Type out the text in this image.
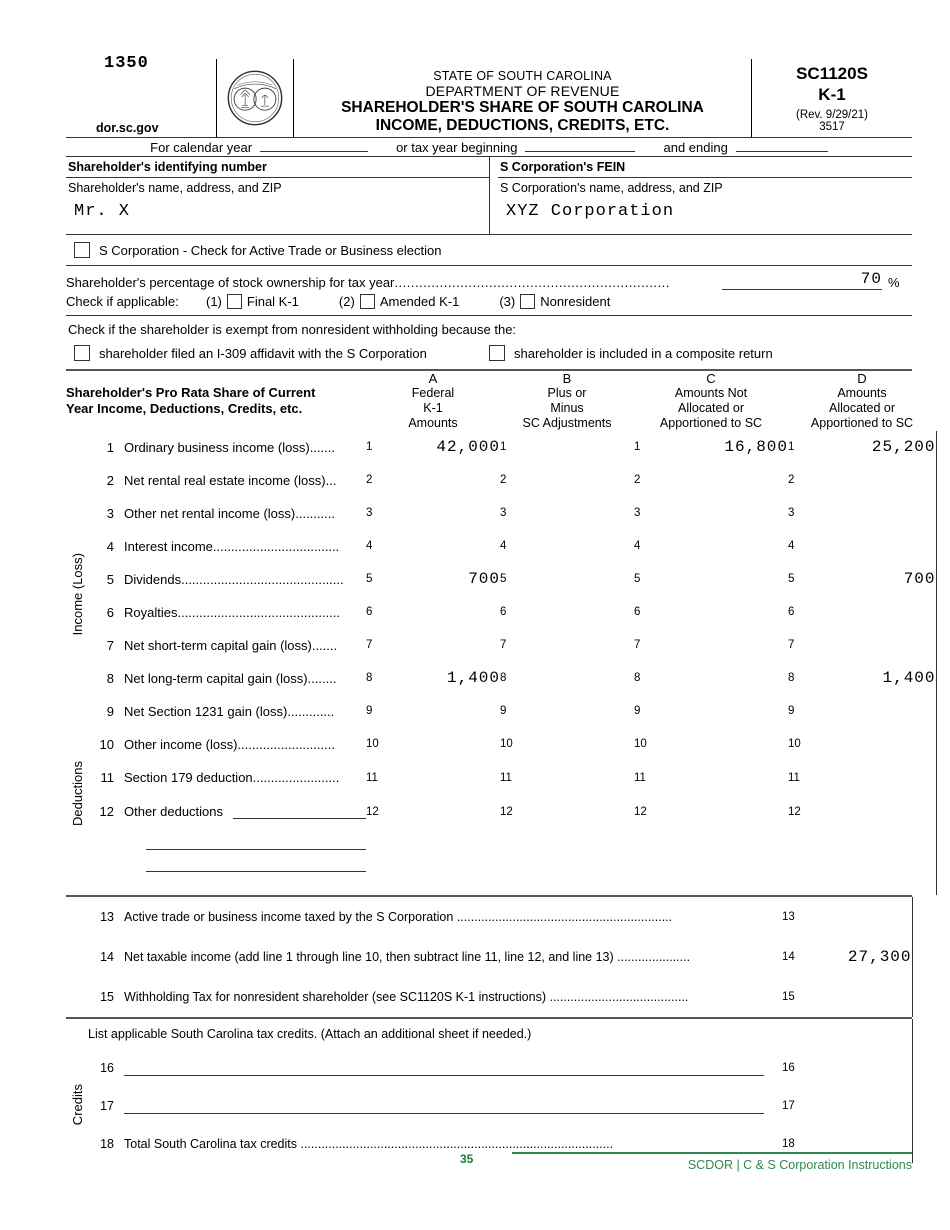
1350
dor.sc.gov
STATE OF SOUTH CAROLINA
DEPARTMENT OF REVENUE
SHAREHOLDER'S SHARE OF SOUTH CAROLINA
INCOME, DEDUCTIONS, CREDITS, ETC.
SC1120S
K-1
(Rev. 9/29/21)
3517
For calendar year	or tax year beginning	and ending
Shareholder's identifying number
Shareholder's name, address, and ZIP
Mr. X
S Corporation's FEIN
S Corporation's name, address, and ZIP
XYZ Corporation
S Corporation - Check for Active Trade or Business election
Shareholder's percentage of stock ownership for tax year...................................................................	70 %
Check if applicable:	(1) Final K-1	(2) Amended K-1	(3) Nonresident
Check if the shareholder is exempt from nonresident withholding because the:
shareholder filed an I-309 affidavit with the S Corporation	shareholder is included in a composite return
Shareholder's Pro Rata Share of Current
Year Income, Deductions, Credits, etc.

A
Federal
K-1
Amounts

B
Plus or
Minus
SC Adjustments

C
Amounts Not
Allocated or
Apportioned to SC

D
Amounts
Allocated or
Apportioned to SC

Income (Loss)	1 Ordinary business income (loss).......	1	42,000	1		1	16,800	1	25,200
	2 Net rental real estate income (loss)...	2		2		2		2	
	3 Other net rental income (loss)...........	3		3		3		3	
	4 Interest income...................................	4		4		4		4	
	5 Dividends.............................................	5	700	5		5		5	700
	6 Royalties.............................................	6		6		6		6	
	7 Net short-term capital gain (loss).......	7		7		7		7	
	8 Net long-term capital gain (loss)........	8	1,400	8		8		8	1,400
	9 Net Section 1231 gain (loss).............	9		9		9		9	
	10 Other income (loss)...........................	10		10		10		10	
Deductions	11 Section 179 deduction........................	11		11		11		11	
	12 Other deductions	12		12		12		12	

	13 Active trade or business income taxed by the S Corporation ..............................................................	13	
	14 Net taxable income (add line 1 through line 10, then subtract line 11, line 12, and line 13) .....................	14	27,300
	15 Withholding Tax for nonresident shareholder (see SC1120S K-1 instructions) ........................................	15	
	List applicable South Carolina tax credits. (Attach an additional sheet if needed.)		
Credits	16	16	
	17	17	
	18 Total South Carolina tax credits ..........................................................................................	18	
35	SCDOR | C & S Corporation Instructions
